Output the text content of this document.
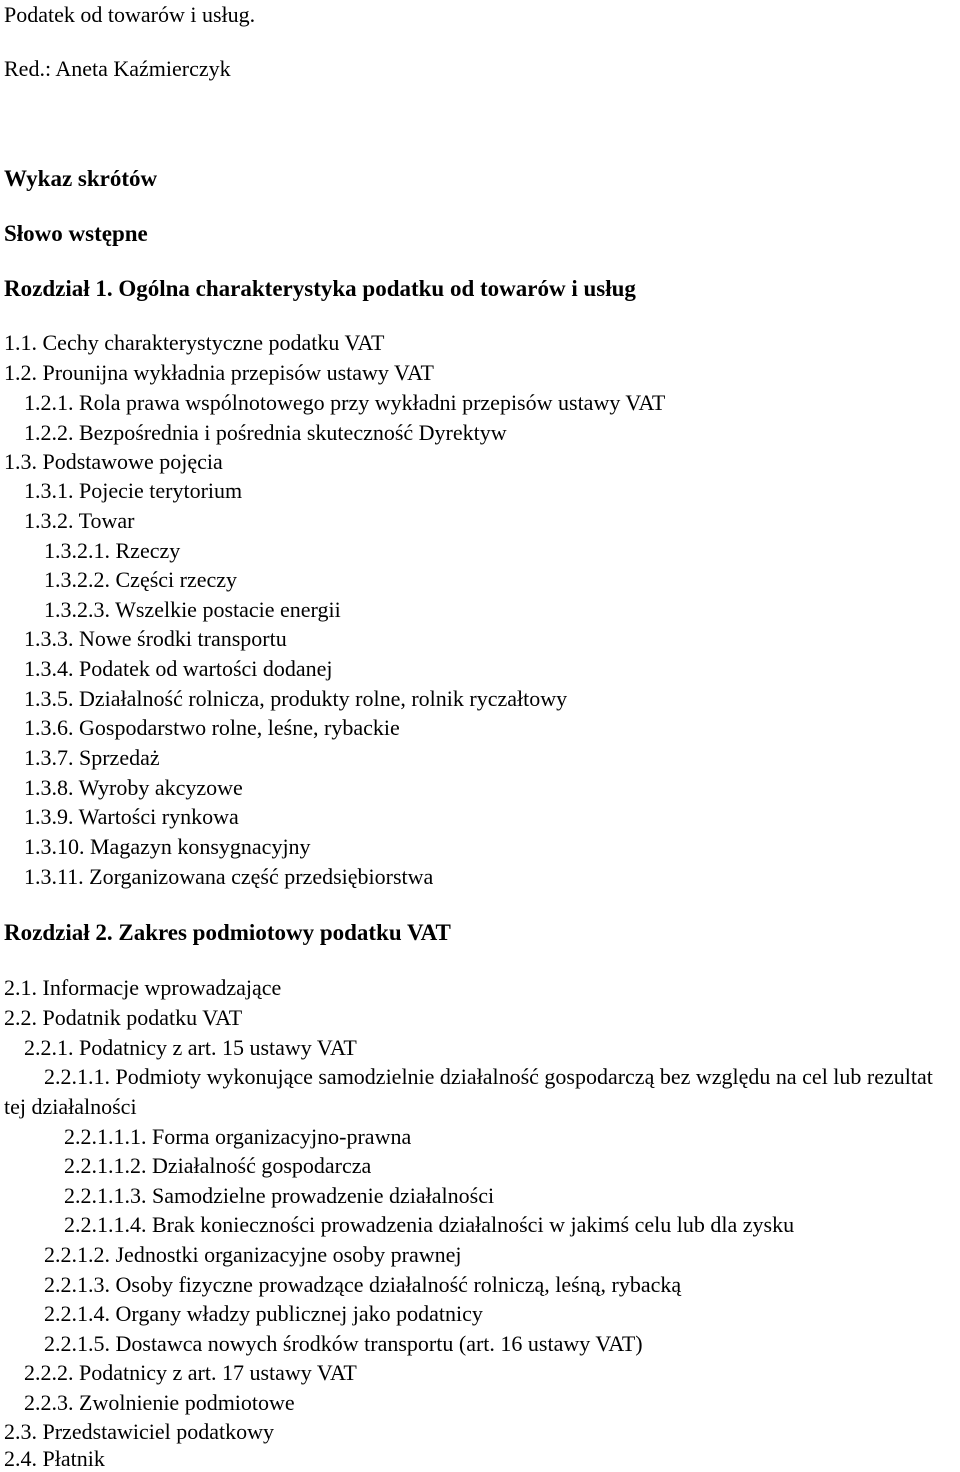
Podatek od towarów i usług.
Red.: Aneta Kaźmierczyk
Wykaz skrótów
Słowo wstępne
Rozdział 1. Ogólna charakterystyka podatku od towarów i usług
1.1. Cechy charakterystyczne podatku VAT
1.2. Prounijna wykładnia przepisów ustawy VAT
1.2.1. Rola prawa wspólnotowego przy wykładni przepisów ustawy VAT
1.2.2. Bezpośrednia i pośrednia skuteczność Dyrektyw
1.3. Podstawowe pojęcia
1.3.1. Pojecie terytorium
1.3.2. Towar
1.3.2.1. Rzeczy
1.3.2.2. Części rzeczy
1.3.2.3. Wszelkie postacie energii
1.3.3. Nowe środki transportu
1.3.4. Podatek od wartości dodanej
1.3.5. Działalność rolnicza, produkty rolne, rolnik ryczałtowy
1.3.6. Gospodarstwo rolne, leśne, rybackie
1.3.7. Sprzedaż
1.3.8. Wyroby akcyzowe
1.3.9. Wartości rynkowa
1.3.10. Magazyn konsygnacyjny
1.3.11. Zorganizowana część przedsiębiorstwa
Rozdział 2. Zakres podmiotowy podatku VAT
2.1. Informacje wprowadzające
2.2. Podatnik podatku VAT
2.2.1. Podatnicy z art. 15 ustawy VAT
2.2.1.1. Podmioty wykonujące samodzielnie działalność gospodarczą bez względu na cel lub rezultat tej działalności
2.2.1.1.1. Forma organizacyjno-prawna
2.2.1.1.2. Działalność gospodarcza
2.2.1.1.3. Samodzielne prowadzenie działalności
2.2.1.1.4. Brak konieczności prowadzenia działalności w jakimś celu lub dla zysku
2.2.1.2. Jednostki organizacyjne osoby prawnej
2.2.1.3. Osoby fizyczne prowadzące działalność rolniczą, leśną, rybacką
2.2.1.4. Organy władzy publicznej jako podatnicy
2.2.1.5. Dostawca nowych środków transportu (art. 16 ustawy VAT)
2.2.2. Podatnicy z art. 17 ustawy VAT
2.2.3. Zwolnienie podmiotowe
2.3. Przedstawiciel podatkowy
2.4. Płatnik
